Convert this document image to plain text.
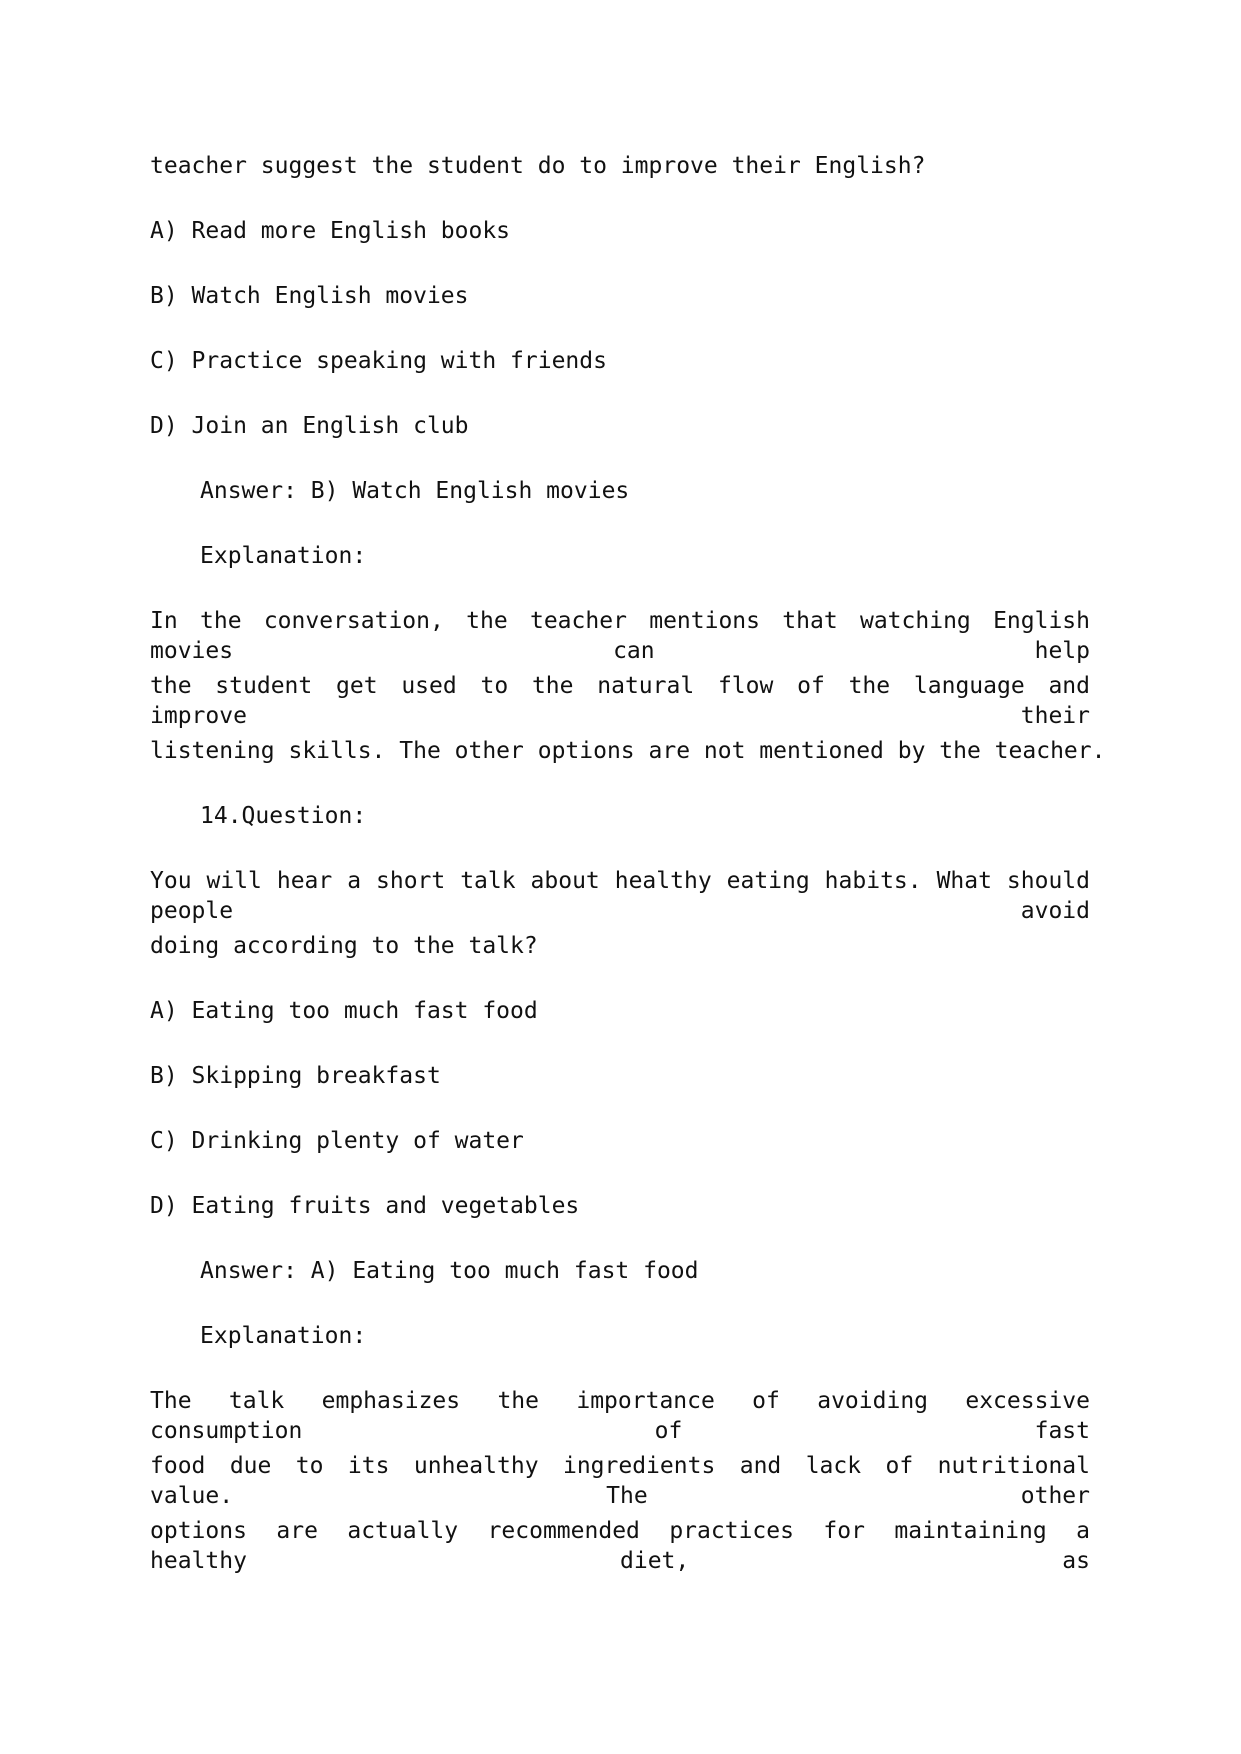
teacher suggest the student do to improve their English?
A) Read more English books
B) Watch English movies
C) Practice speaking with friends
D) Join an English club
Answer: B) Watch English movies
Explanation:
In the conversation, the teacher mentions that watching English movies can help
the student get used to the natural flow of the language and improve their
listening skills. The other options are not mentioned by the teacher.
14.Question:
You will hear a short talk about healthy eating habits. What should people avoid
doing according to the talk?
A) Eating too much fast food
B) Skipping breakfast
C) Drinking plenty of water
D) Eating fruits and vegetables
Answer: A) Eating too much fast food
Explanation:
The talk emphasizes the importance of avoiding excessive consumption of fast
food due to its unhealthy ingredients and lack of nutritional value. The other
options are actually recommended practices for maintaining a healthy diet, as
